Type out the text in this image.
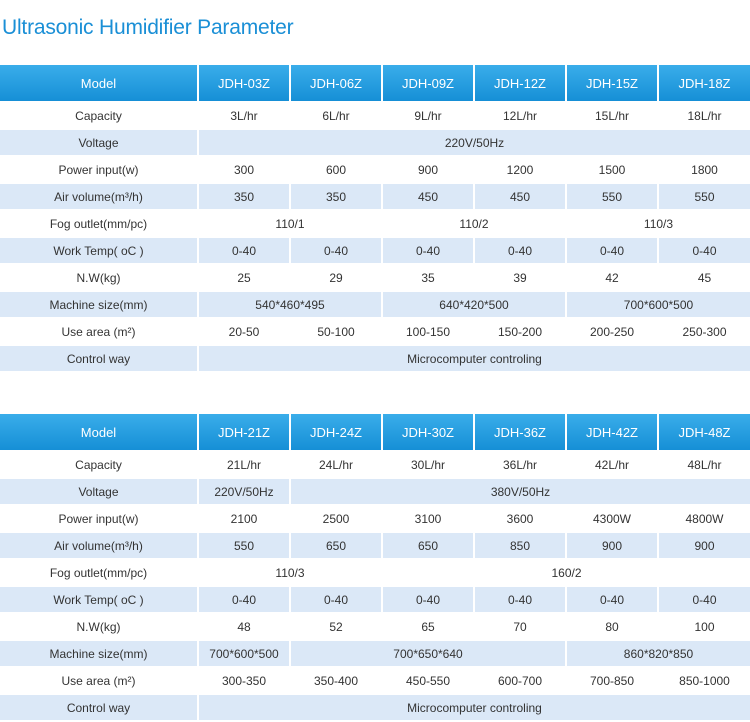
Ultrasonic Humidifier Parameter
Model	JDH-03Z	JDH-06Z	JDH-09Z	JDH-12Z	JDH-15Z	JDH-18Z
Capacity	3L/hr	6L/hr	9L/hr	12L/hr	15L/hr	18L/hr
Voltage	220V/50Hz					
Power input(w)	300	600	900	1200	1500	1800
Air volume(m³/h)	350	350	450	450	550	550
Fog outlet(mm/pc)	110/1		110/2		110/3	
Work Temp( oC )	0-40	0-40	0-40	0-40	0-40	0-40
N.W(kg)	25	29	35	39	42	45
Machine size(mm)	540*460*495		640*420*500		700*600*500	
Use area (m²)	20-50	50-100	100-150	150-200	200-250	250-300
Control way	Microcomputer controling					
Model	JDH-21Z	JDH-24Z	JDH-30Z	JDH-36Z	JDH-42Z	JDH-48Z
Capacity	21L/hr	24L/hr	30L/hr	36L/hr	42L/hr	48L/hr
Voltage	220V/50Hz	380V/50Hz				
Power input(w)	2100	2500	3100	3600	4300W	4800W
Air volume(m³/h)	550	650	650	850	900	900
Fog outlet(mm/pc)	110/3		160/2			
Work Temp( oC )	0-40	0-40	0-40	0-40	0-40	0-40
N.W(kg)	48	52	65	70	80	100
Machine size(mm)	700*600*500	700*650*640			860*820*850	
Use area (m²)	300-350	350-400	450-550	600-700	700-850	850-1000
Control way	Microcomputer controling					
